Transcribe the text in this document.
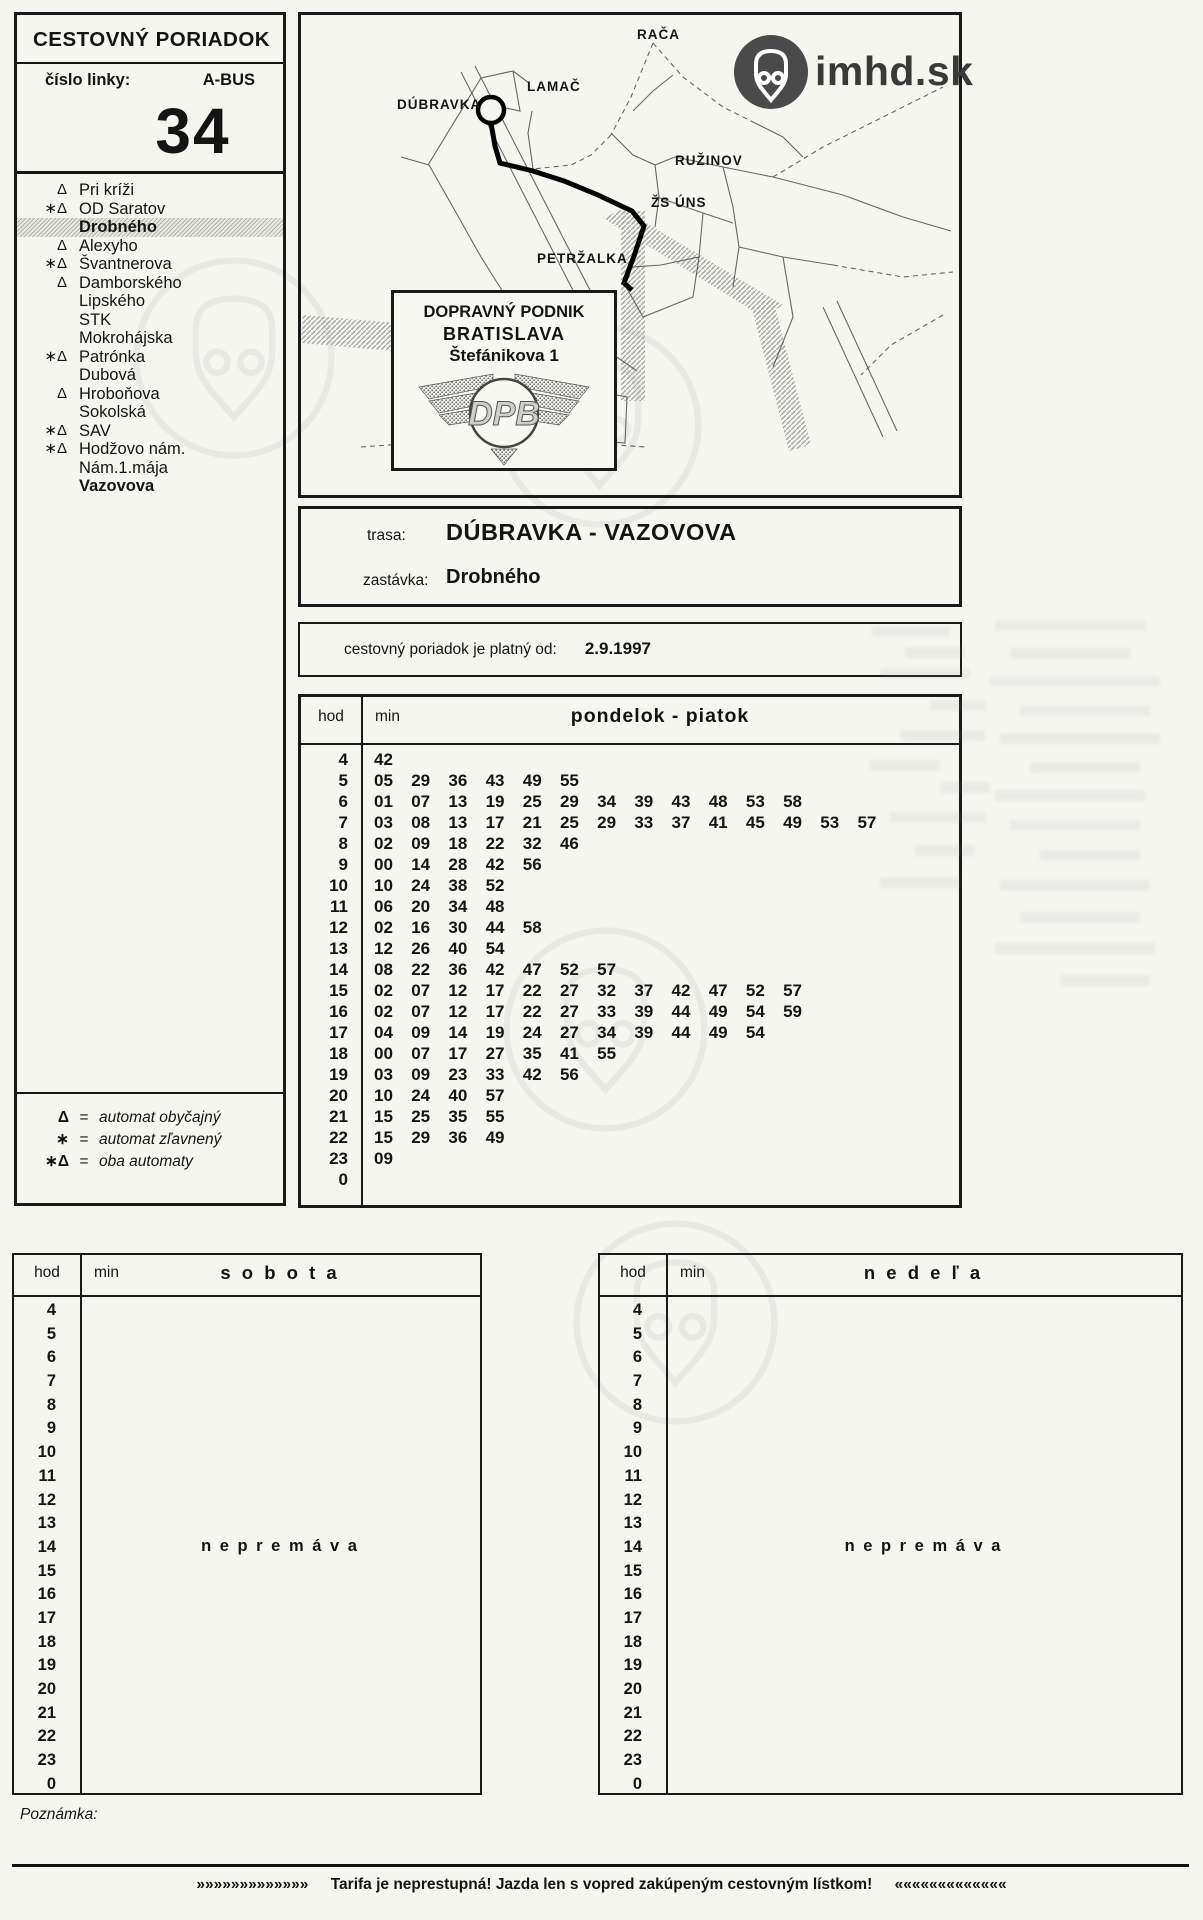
CESTOVNÝ PORIADOK
číslo linky:	A-BUS
34
Δ Pri kríži
∗Δ OD Saratov
Drobného
Δ Alexyho
∗Δ Švantnerova
Δ Damborského
Lipského
STK
Mokrohájska
∗Δ Patrónka
Dubová
Δ Hroboňova
Sokolská
∗Δ SAV
∗Δ Hodžovo nám.
Nám.1.mája
Vazovova
Δ = automat obyčajný
∗ = automat zľavnený
∗Δ = oba automaty
RAČA
LAMAČ
DÚBRAVKA
RUŽINOV
ŽS ÚNS
PETRŽALKA
imhd.sk
DOPRAVNÝ PODNIK
BRATISLAVA
Štefánikova 1
DPB
trasa: DÚBRAVKA - VAZOVOVA
zastávka: Drobného
cestovný poriadok je platný od: 2.9.1997
hod	min	pondelok - piatok
4	42
5	05	29	36	43	49	55
6	01	07	13	19	25	29	34	39	43	48	53	58
7	03	08	13	17	21	25	29	33	37	41	45	49	53	57
8	02	09	18	22	32	46
9	00	14	28	42	56
10	10	24	38	52
11	06	20	34	48
12	02	16	30	44	58
13	12	26	40	54
14	08	22	36	42	47	52	57
15	02	07	12	17	22	27	32	37	42	47	52	57
16	02	07	12	17	22	27	33	39	44	49	54	59
17	04	09	14	19	24	27	34	39	44	49	54
18	00	07	17	27	35	41	55
19	03	09	23	33	42	56
20	10	24	40	57
21	15	25	35	55
22	15	29	36	49
23	09
0
hod	min	s o b o t a
4
5
6
7
8
9
10
11
12
13
14
15
16
17
18
19
20
21
22
23
0
n e p r e m á v a
hod	min	n e d e ľ a
4
5
6
7
8
9
10
11
12
13
14
15
16
17
18
19
20
21
22
23
0
n e p r e m á v a
Poznámka:
»»»»»»»»»»»»» Tarifa je neprestupná! Jazda len s vopred zakúpeným cestovným lístkom! «««««««««««««
